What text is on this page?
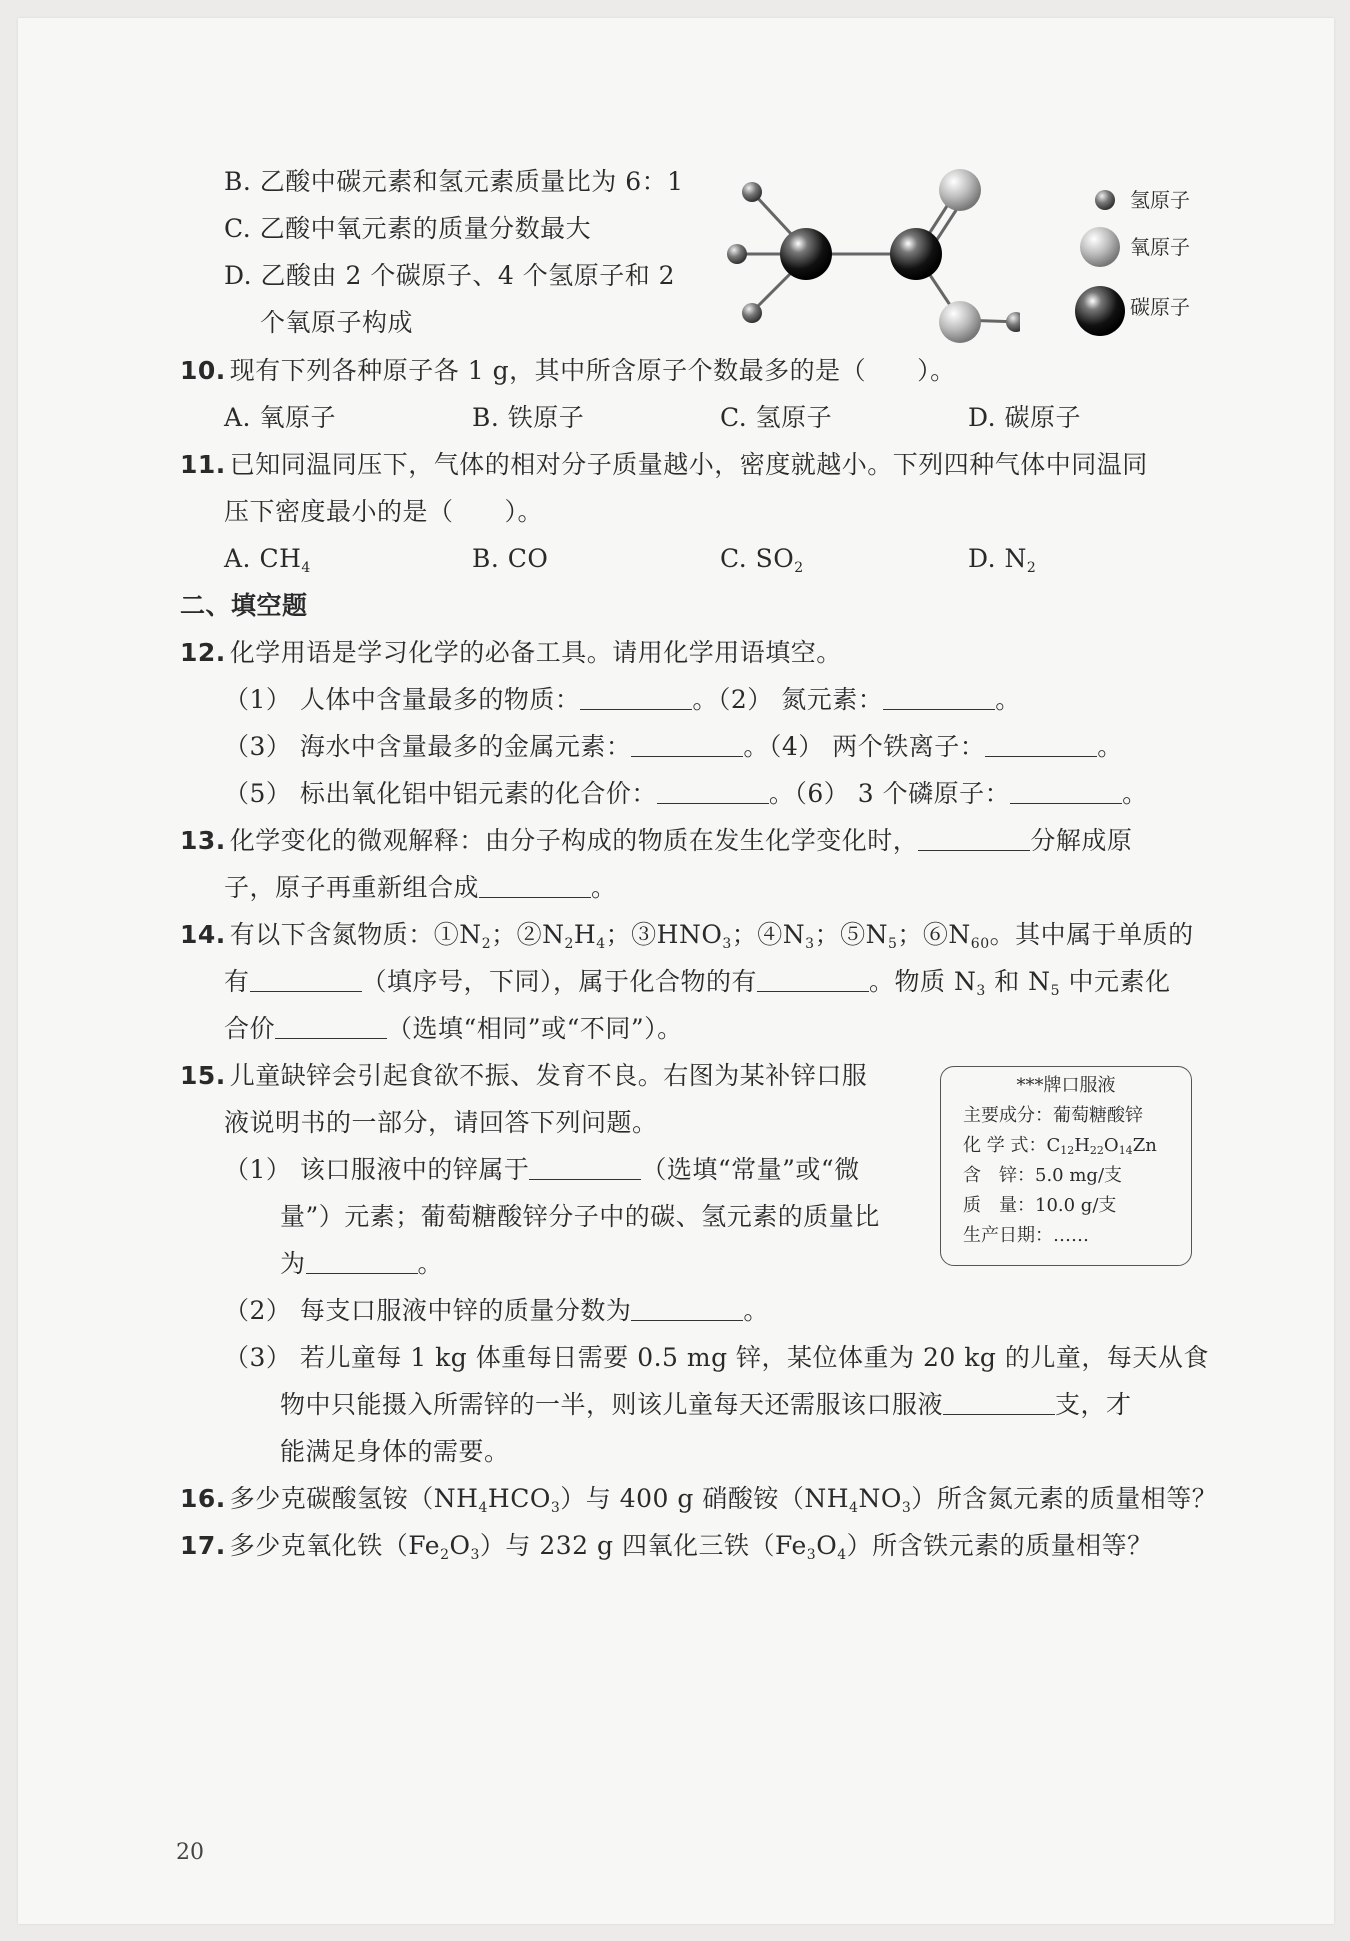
B. 乙酸中碳元素和氢元素质量比为 6：1
C. 乙酸中氧元素的质量分数最大
D. 乙酸由 2 个碳原子、4 个氢原子和 2
个氧原子构成
氢原子
氧原子
碳原子
10. 现有下列各种原子各 1 g，其中所含原子个数最多的是（　　）。
A. 氧原子	B. 铁原子	C. 氢原子	D. 碳原子
11. 已知同温同压下，气体的相对分子质量越小，密度就越小。下列四种气体中同温同
压下密度最小的是（　　）。
A. $CH_4$	B. CO	C. $SO_2$	D. $N_2$
二、填空题
12. 化学用语是学习化学的必备工具。请用化学用语填空。
（1） 人体中含量最多的物质：	。（2） 氮元素：	。
（3） 海水中含量最多的金属元素：	。（4） 两个铁离子：	。
（5） 标出氧化铝中铝元素的化合价：	。（6） 3 个磷原子：	。
13. 化学变化的微观解释：由分子构成的物质在发生化学变化时，	分解成原
子，原子再重新组合成	。
14. 有以下含氮物质：$①N_2$；$②N_2H_4$；$③HNO_3$；$④N_3$；$⑤N_5$；$⑥N_{60}$。其中属于单质的
有	（填序号，下同），属于化合物的有	。物质 $N_3$ 和 $N_5$ 中元素化
合价	（选填“相同”或“不同”）。
15. 儿童缺锌会引起食欲不振、发育不良。右图为某补锌口服
液说明书的一部分，请回答下列问题。
（1） 该口服液中的锌属于	（选填“常量”或“微
量”）元素；葡萄糖酸锌分子中的碳、氢元素的质量比
为	。
（2） 每支口服液中锌的质量分数为	。
（3） 若儿童每 1 kg 体重每日需要 0.5 mg 锌，某位体重为 20 kg 的儿童，每天从食
物中只能摄入所需锌的一半，则该儿童每天还需服该口服液	支，才
能满足身体的需要。
***牌口服液
主要成分：葡萄糖酸锌
化 学 式：$C_{12}H_{22}O_{14}Zn$
含　锌：5.0 mg/支
质　量：10.0 g/支
生产日期：……
16. 多少克碳酸氢铵$(NH_4HCO_3)$与 400 g 硝酸铵$(NH_4NO_3)$所含氮元素的质量相等？
17. 多少克氧化铁$(Fe_2O_3)$与 232 g 四氧化三铁$(Fe_3O_4)$所含铁元素的质量相等？
20
